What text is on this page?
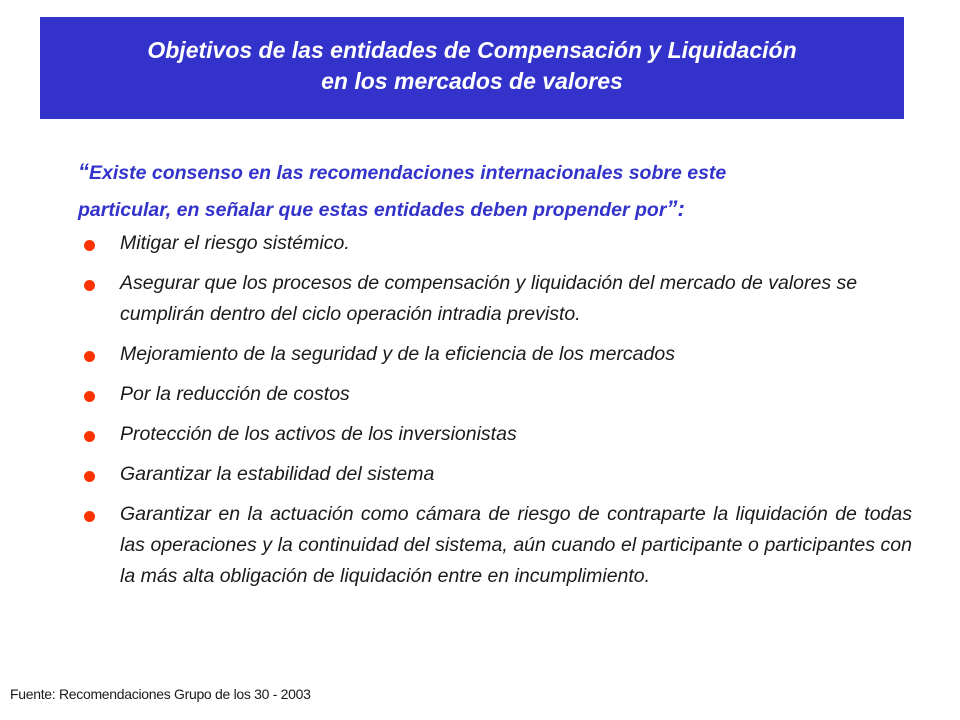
Objetivos de las entidades de Compensación y Liquidación
en los mercados de valores
“Existe consenso en las recomendaciones internacionales sobre este
particular, en señalar que estas entidades deben propender por”:
Mitigar el riesgo sistémico.
Asegurar que los procesos de compensación y liquidación del mercado de valores se cumplirán dentro del ciclo operación intradia previsto.
Mejoramiento de la seguridad y de la eficiencia de los mercados
Por la reducción de costos
Protección de los activos de los inversionistas
Garantizar la estabilidad del sistema
Garantizar en la actuación como cámara de riesgo de contraparte la liquidación de todas las operaciones y la continuidad del sistema, aún cuando el participante o participantes con la más alta obligación de liquidación entre en incumplimiento.
Fuente: Recomendaciones Grupo de los 30 - 2003
